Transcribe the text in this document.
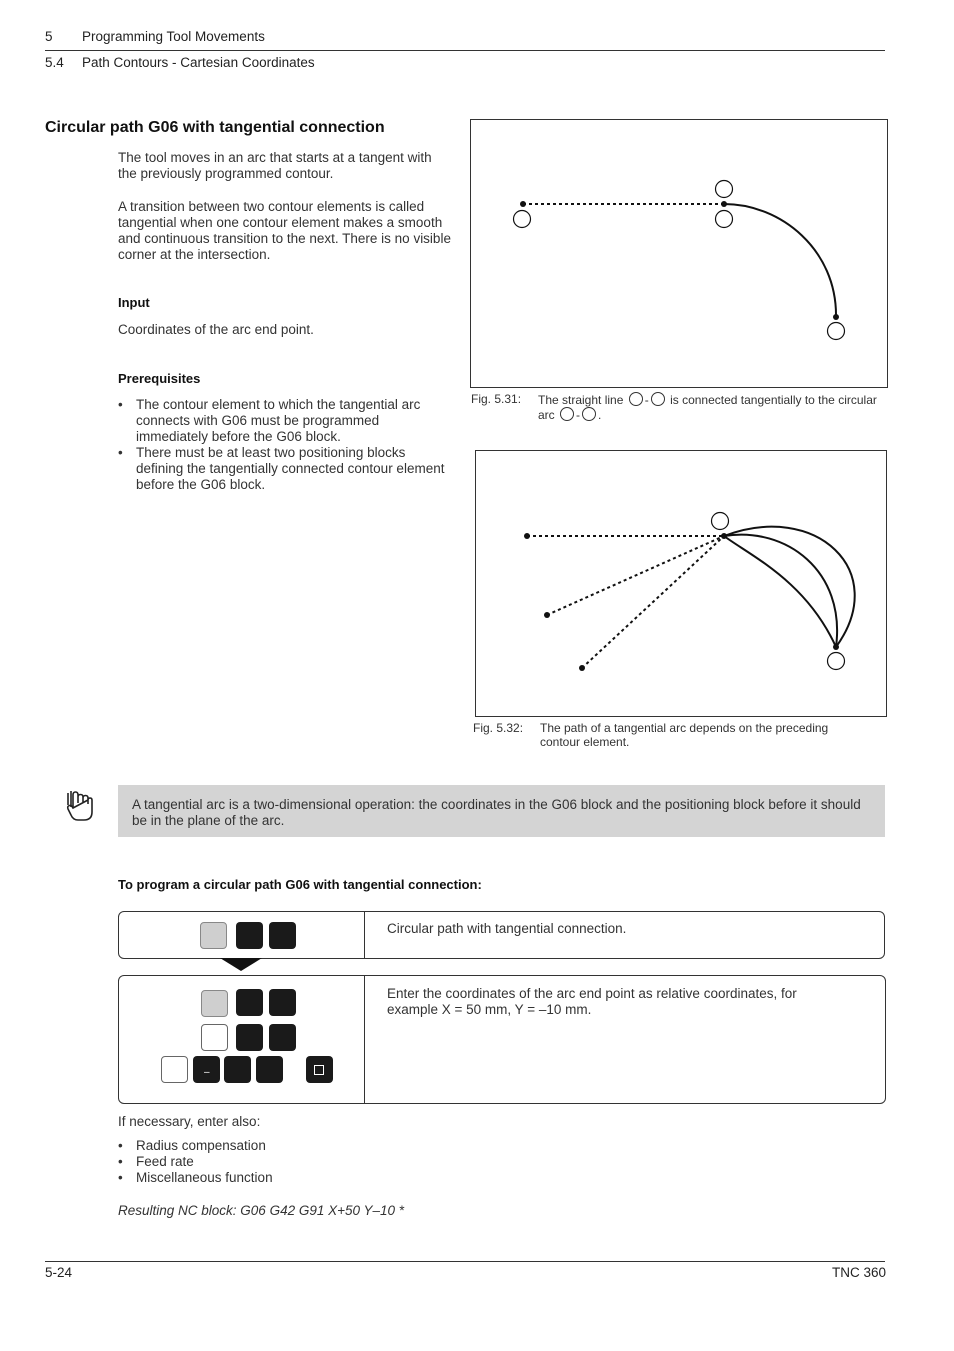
5 Programming Tool Movements
5.4 Path Contours - Cartesian Coordinates
Circular path G06 with tangential connection
The tool moves in an arc that starts at a tangent with the previously programmed contour.
A transition between two contour elements is called tangential when one contour element makes a smooth and continuous transition to the next. There is no visible corner at the intersection.
Input
Coordinates of the arc end point.
Prerequisites
• The contour element to which the tangential arc connects with G06 must be programmed immediately before the G06 block.
• There must be at least two positioning blocks defining the tangentially connected contour element before the G06 block.
Fig. 5.31: The straight line - is connected tangentially to the circular arc - .
Fig. 5.32: The path of a tangential arc depends on the preceding contour element.
A tangential arc is a two-dimensional operation: the coordinates in the G06 block and the positioning block before it should be in the plane of the arc.
To program a circular path G06 with tangential connection:
Circular path with tangential connection.
–
Enter the coordinates of the arc end point as relative coordinates, for example X = 50 mm, Y = –10 mm.
If necessary, enter also:
• Radius compensation
• Feed rate
• Miscellaneous function
Resulting NC block: G06 G42 G91 X+50 Y–10 *
5-24	TNC 360
